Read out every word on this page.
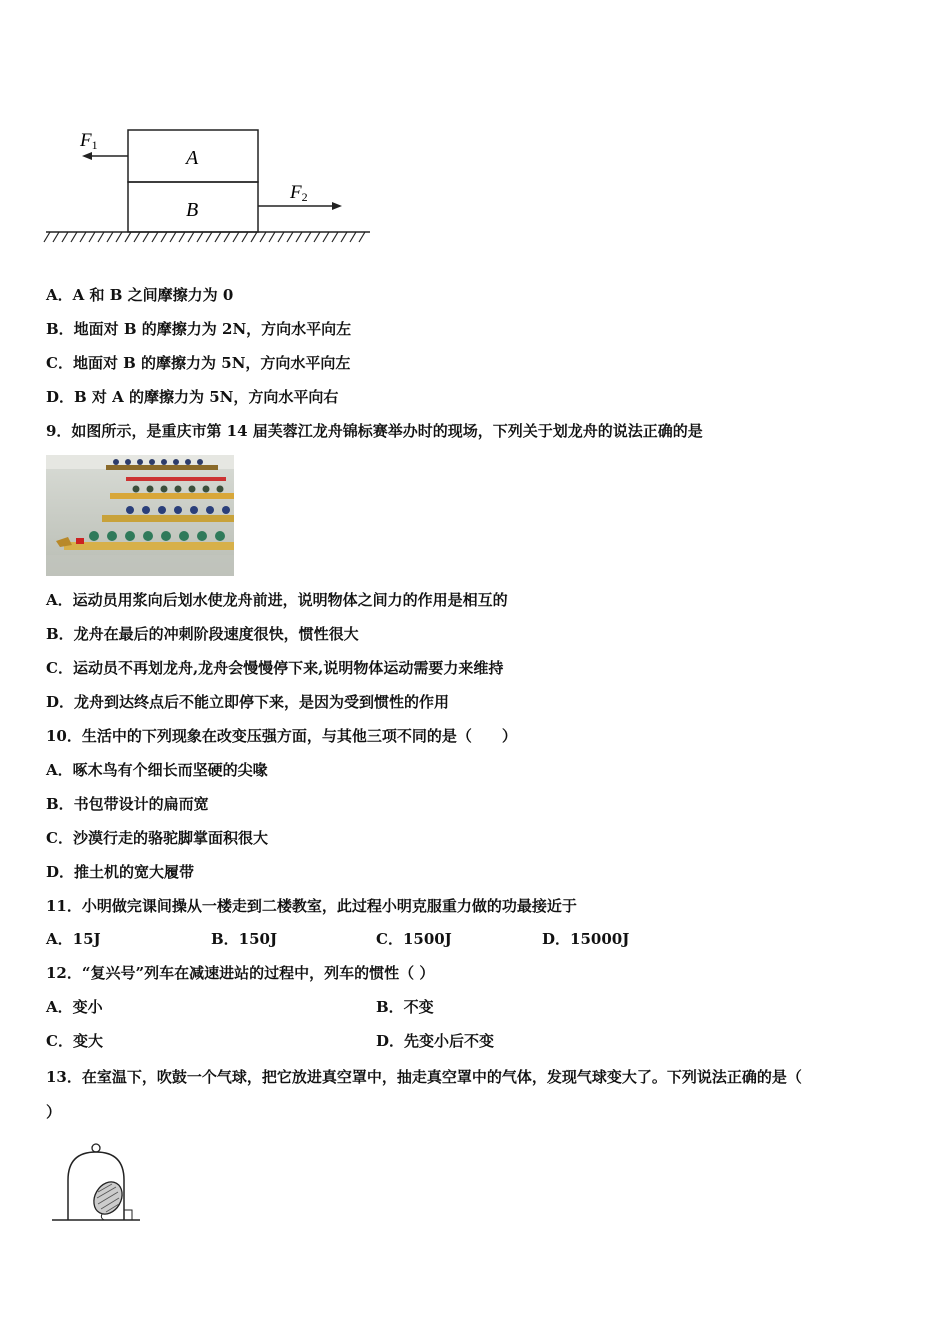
A
B
F1
F2
A．A 和 B 之间摩擦力为 0
B．地面对 B 的摩擦力为 2N，方向水平向左
C．地面对 B 的摩擦力为 5N，方向水平向左
D．B 对 A 的摩擦力为 5N，方向水平向右
9．如图所示，是重庆市第 14 届芙蓉江龙舟锦标赛举办时的现场，下列关于划龙舟的说法正确的是
A．运动员用浆向后划水使龙舟前进，说明物体之间力的作用是相互的
B．龙舟在最后的冲刺阶段速度很快，惯性很大
C．运动员不再划龙舟,龙舟会慢慢停下来,说明物体运动需要力来维持
D．龙舟到达终点后不能立即停下来，是因为受到惯性的作用
10．生活中的下列现象在改变压强方面，与其他三项不同的是（　　）
A．啄木鸟有个细长而坚硬的尖喙
B．书包带设计的扁而宽
C．沙漠行走的骆驼脚掌面积很大
D．推土机的宽大履带
11．小明做完课间操从一楼走到二楼教室，此过程小明克服重力做的功最接近于
A．15J	B．150J	C．1500J	D．15000J
12．“复兴号”列车在减速进站的过程中，列车的惯性（ ）
A．变小	B．不变
C．变大	D．先变小后不变
13．在室温下，吹鼓一个气球，把它放进真空罩中，抽走真空罩中的气体，发现气球变大了。下列说法正确的是（
）
